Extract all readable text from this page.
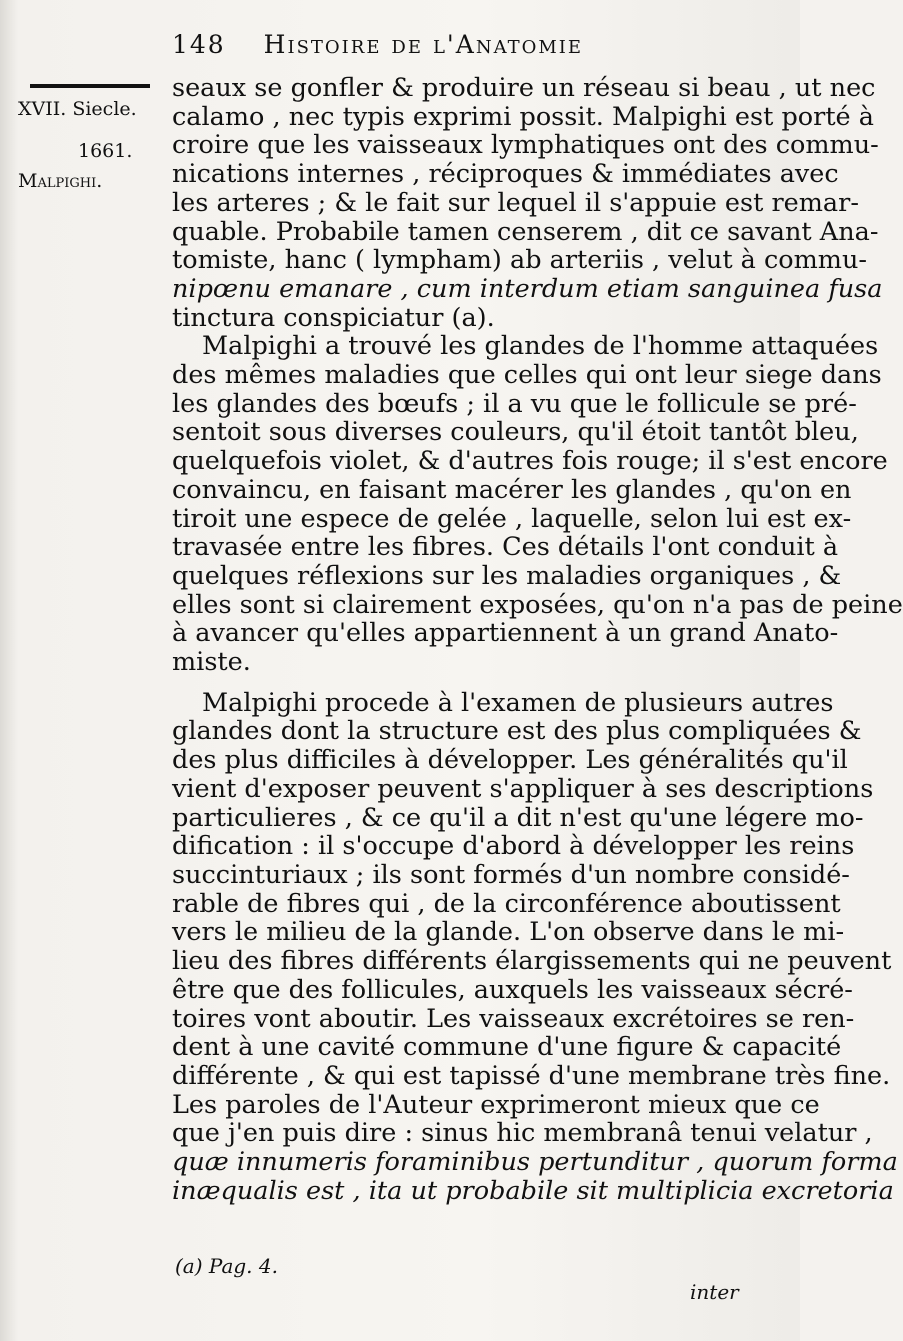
148 Histoire de l'Anatomie
XVII. Siecle.
1661.
Malpighi.
seaux se gonfler & produire un réseau si beau , ut nec
calamo , nec typis exprimi possit. Malpighi est porté à
croire que les vaisseaux lymphatiques ont des commu-
nications internes , réciproques & immédiates avec
les arteres ; & le fait sur lequel il s'appuie est remar-
quable. Probabile tamen censerem , dit ce savant Ana-
tomiste, hanc ( lympham) ab arteriis , velut à commu-
nipœnu emanare , cum interdum etiam sanguinea fusa
tinctura conspiciatur (a).
Malpighi a trouvé les glandes de l'homme attaquées
des mêmes maladies que celles qui ont leur siege dans
les glandes des bœufs ; il a vu que le follicule se pré-
sentoit sous diverses couleurs, qu'il étoit tantôt bleu,
quelquefois violet, & d'autres fois rouge; il s'est encore
convaincu, en faisant macérer les glandes , qu'on en
tiroit une espece de gelée , laquelle, selon lui est ex-
travasée entre les fibres. Ces détails l'ont conduit à
quelques réflexions sur les maladies organiques , &
elles sont si clairement exposées, qu'on n'a pas de peine
à avancer qu'elles appartiennent à un grand Anato-
miste.
Malpighi procede à l'examen de plusieurs autres
glandes dont la structure est des plus compliquées &
des plus difficiles à développer. Les généralités qu'il
vient d'exposer peuvent s'appliquer à ses descriptions
particulieres , & ce qu'il a dit n'est qu'une légere mo-
dification : il s'occupe d'abord à développer les reins
succinturiaux ; ils sont formés d'un nombre considé-
rable de fibres qui , de la circonférence aboutissent
vers le milieu de la glande. L'on observe dans le mi-
lieu des fibres différents élargissements qui ne peuvent
être que des follicules, auxquels les vaisseaux sécré-
toires vont aboutir. Les vaisseaux excrétoires se ren-
dent à une cavité commune d'une figure & capacité
différente , & qui est tapissé d'une membrane très fine.
Les paroles de l'Auteur exprimeront mieux que ce
que j'en puis dire : sinus hic membranâ tenui velatur ,
quæ innumeris foraminibus pertunditur , quorum forma
inæqualis est , ita ut probabile sit multiplicia excretoria
(a) Pag. 4.
inter
